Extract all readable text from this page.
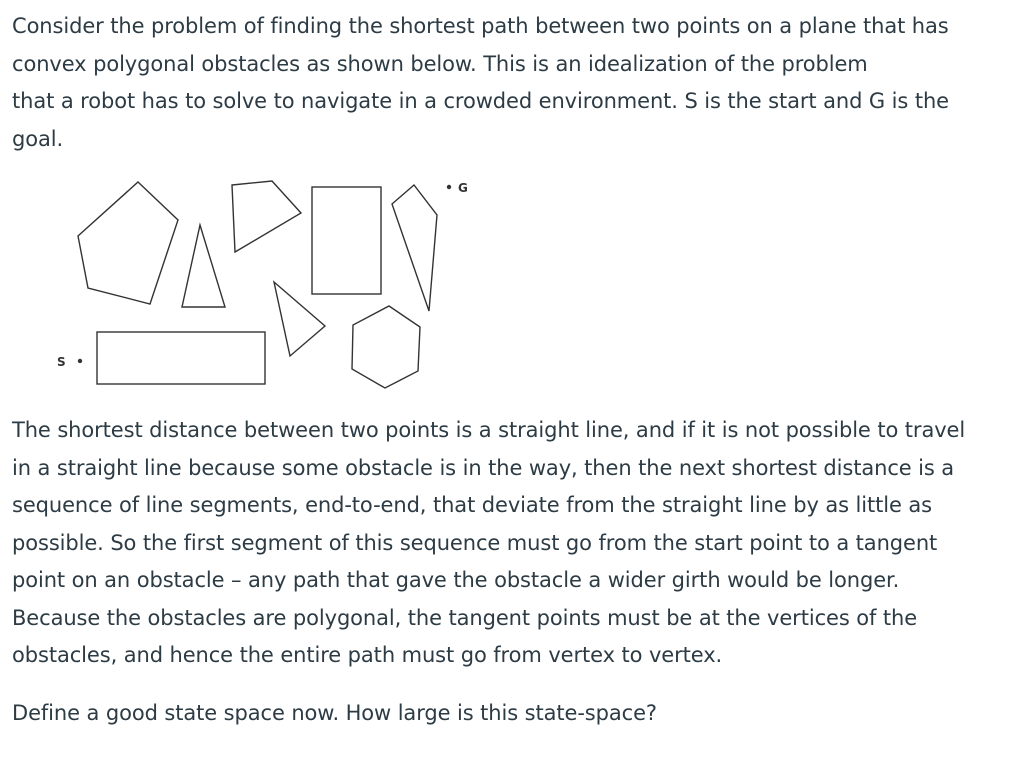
Consider the problem of finding the shortest path between two points on a plane that has
convex polygonal obstacles as shown below. This is an idealization of the problem
that a robot has to solve to navigate in a crowded environment. S is the start and G is the
goal.

S
G

The shortest distance between two points is a straight line, and if it is not possible to travel
in a straight line because some obstacle is in the way, then the next shortest distance is a
sequence of line segments, end-to-end, that deviate from the straight line by as little as
possible. So the first segment of this sequence must go from the start point to a tangent
point on an obstacle – any path that gave the obstacle a wider girth would be longer.
Because the obstacles are polygonal, the tangent points must be at the vertices of the
obstacles, and hence the entire path must go from vertex to vertex.

Define a good state space now. How large is this state-space?
